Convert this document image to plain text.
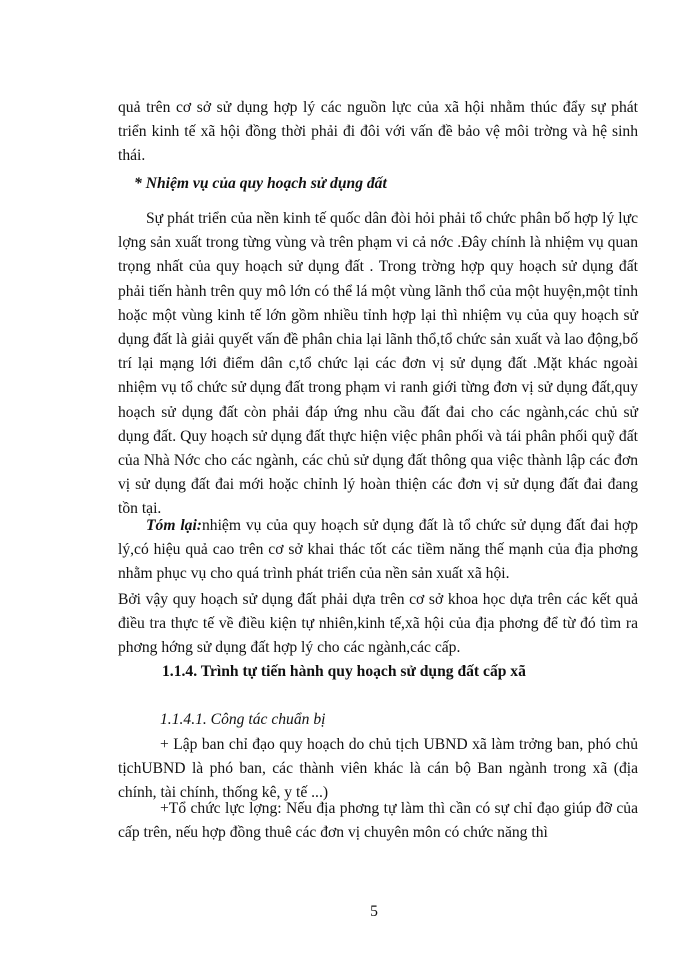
quả trên cơ sở sử dụng hợp lý các nguồn lực của xã hội nhằm thúc đẩy sự phát triển kinh tế xã hội đồng thời phải đi đôi với vấn đề bảo vệ môi trờng và hệ sinh thái.

* Nhiệm vụ của quy hoạch sử dụng đất

Sự phát triển của nền kinh tế quốc dân đòi hỏi phải tổ chức phân bố hợp lý lực lợng sản xuất trong từng vùng và trên phạm vi cả nớc .Đây chính là nhiệm vụ quan trọng nhất của quy hoạch sử dụng đất . Trong trờng hợp quy hoạch sử dụng đất phải tiến hành trên quy mô lớn có thể lá một vùng lãnh thổ của một huyện,một tỉnh hoặc một vùng kinh tế lớn gồm nhiều tỉnh hợp lại thì nhiệm vụ của quy hoạch sử dụng đất là giải quyết vấn đề phân chia lại lãnh thổ,tổ chức sản xuất và lao động,bố trí lại mạng lới điểm dân c,tổ chức lại các đơn vị sử dụng đất .Mặt khác ngoài nhiệm vụ tổ chức sử dụng đất trong phạm vi ranh giới từng đơn vị sử dụng đất,quy hoạch sử dụng đất còn phải đáp ứng nhu cầu đất đai cho các ngành,các chủ sử dụng đất. Quy hoạch sử dụng đất thực hiện việc phân phối và tái phân phối quỹ đất của Nhà Nớc cho các ngành, các chủ sử dụng đất thông qua việc thành lập các đơn vị sử dụng đất đai mới hoặc chỉnh lý hoàn thiện các đơn vị sử dụng đất đai đang tồn tại.

Tóm lại:nhiệm vụ của quy hoạch sử dụng đất là tổ chức sử dụng đất đai hợp lý,có hiệu quả cao trên cơ sở khai thác tốt các tiềm năng thế mạnh của địa phơng nhằm phục vụ cho quá trình phát triển của nền sản xuất xã hội.

Bởi vậy quy hoạch sử dụng đất phải dựa trên cơ sở khoa học dựa trên các kết quả điều tra thực tế về điều kiện tự nhiên,kinh tế,xã hội của địa phơng để từ đó tìm ra phơng hớng sử dụng đất hợp lý cho các ngành,các cấp.

1.1.4. Trình tự tiến hành quy hoạch sử dụng đất cấp xã

1.1.4.1. Công tác chuẩn bị

+ Lập ban chỉ đạo quy hoạch do chủ tịch UBND xã làm trởng ban, phó chủ tịchUBND là phó ban, các thành viên khác là cán bộ Ban ngành trong xã (địa chính, tài chính, thống kê, y tế ...)

+Tổ chức lực lợng: Nếu địa phơng tự làm thì cần có sự chỉ đạo giúp đỡ của cấp trên, nếu hợp đồng thuê các đơn vị chuyên môn có chức năng thì

5
